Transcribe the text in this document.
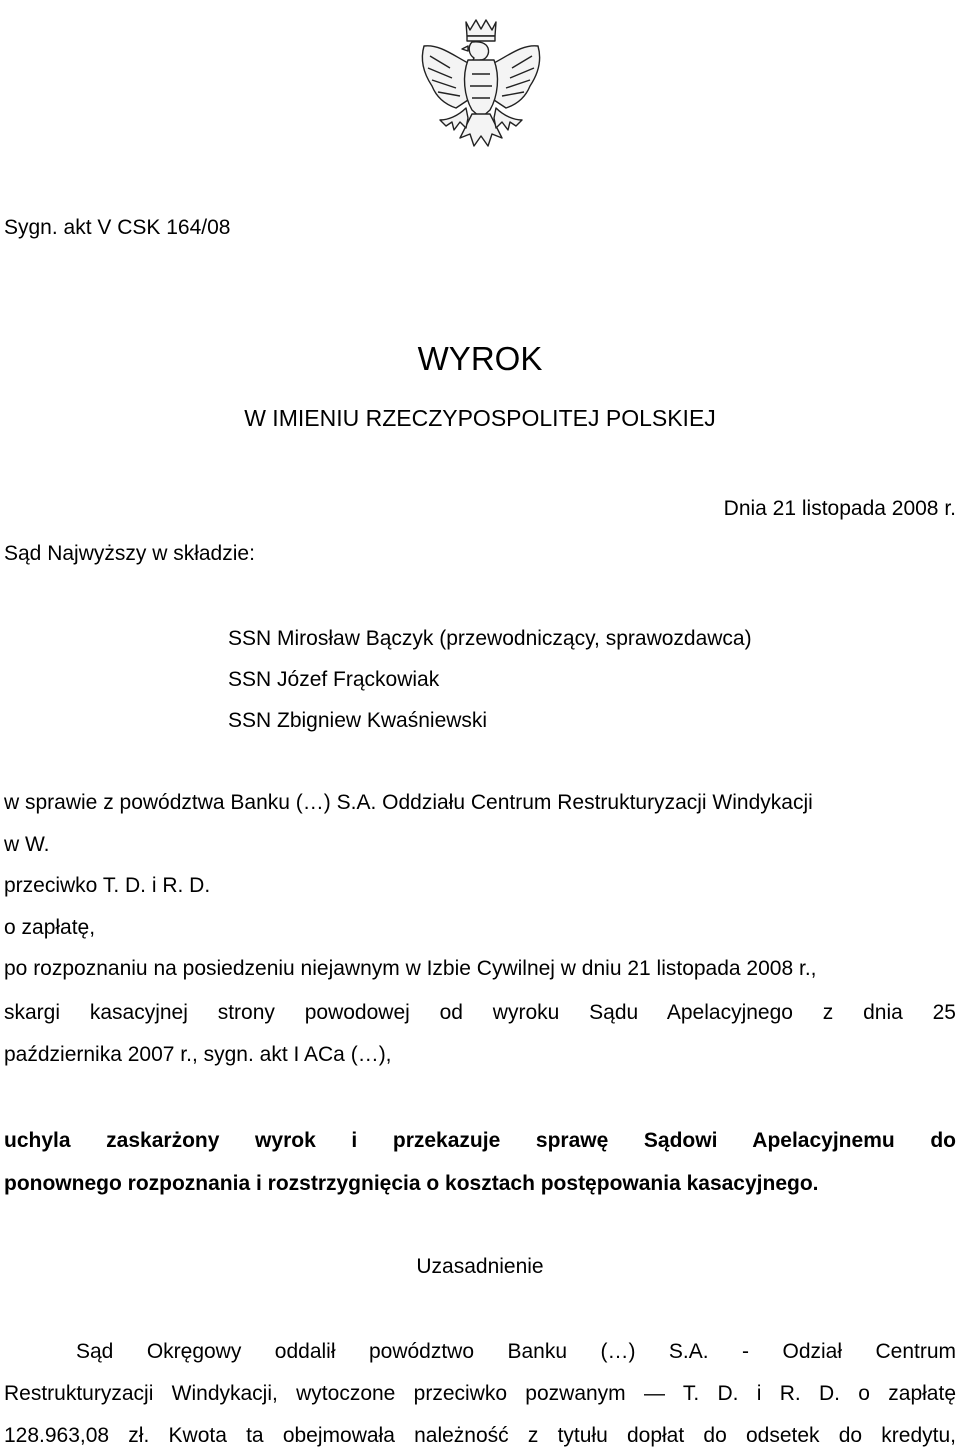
Sygn. akt V CSK 164/08
WYROK
W IMIENIU RZECZYPOSPOLITEJ POLSKIEJ
Dnia 21 listopada 2008 r.
Sąd Najwyższy w składzie:
SSN Mirosław Bączyk (przewodniczący, sprawozdawca)
SSN Józef Frąckowiak
SSN Zbigniew Kwaśniewski
w sprawie z powództwa Banku (…) S.A. Oddziału Centrum Restrukturyzacji Windykacji
w W.
przeciwko T. D. i R. D.
o zapłatę,
po rozpoznaniu na posiedzeniu niejawnym w Izbie Cywilnej w dniu 21 listopada 2008 r.,
skargi kasacyjnej strony powodowej od wyroku Sądu Apelacyjnego z dnia 25
października 2007 r., sygn. akt I ACa (…),
uchyla zaskarżony wyrok i przekazuje sprawę Sądowi Apelacyjnemu do
ponownego rozpoznania i rozstrzygnięcia o kosztach postępowania kasacyjnego.
Uzasadnienie
Sąd Okręgowy oddalił powództwo Banku (…) S.A. - Odział Centrum
Restrukturyzacji Windykacji, wytoczone przeciwko pozwanym — T. D. i R. D. o zapłatę
128.963,08 zł. Kwota ta obejmowała należność z tytułu dopłat do odsetek do kredytu,
